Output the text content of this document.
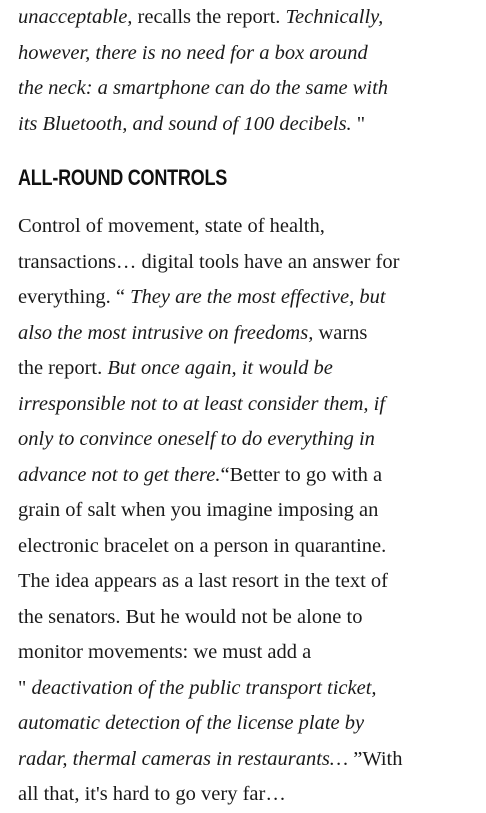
unacceptable, recalls the report. Technically,
however, there is no need for a box around
the neck: a smartphone can do the same with
its Bluetooth, and sound of 100 decibels. "
ALL-ROUND CONTROLS
Control of movement, state of health,
transactions… digital tools have an answer for
everything. “ They are the most effective, but
also the most intrusive on freedoms, warns
the report. But once again, it would be
irresponsible not to at least consider them, if
only to convince oneself to do everything in
advance not to get there.“Better to go with a
grain of salt when you imagine imposing an
electronic bracelet on a person in quarantine.
The idea appears as a last resort in the text of
the senators. But he would not be alone to
monitor movements: we must add a
" deactivation of the public transport ticket,
automatic detection of the license plate by
radar, thermal cameras in restaurants… ”With
all that, it's hard to go very far…
